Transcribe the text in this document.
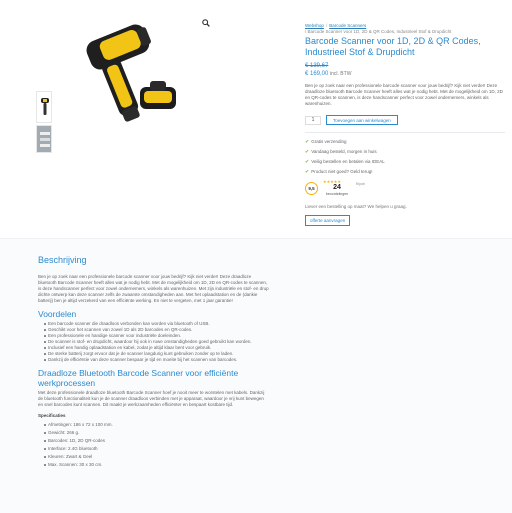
Webshop / Barcode Scanners
/ Barcode Scanner voor 1D, 2D & QR Codes, Industrieel Stof & Drupdicht
Barcode Scanner voor 1D, 2D & QR Codes, Industrieel Stof & Drupdicht
€ 139,67
€ 169,00 incl. BTW
Ben je op zoek naar een professionele barcode scanner voor jouw bedrijf? Kijk niet verder! Deze draadloze bluetooth Barcode Scanner heeft alles wat je nodig hebt. Met de mogelijkheid om 1D, 2D en QR-codes te scannen, is deze handscanner perfect voor zowel ondernemers, winkels als warenhuizen.
1	Toevoegen aan winkelwagen
✔ Gratis verzending
✔ Vandaag besteld, morgen in huis
✔ Veilig bestellen en betalen via IDEAL
✔ Product niet goed? Geld terug!
9,5
★★★★★
24
beoordelingen
Kiyoh
Liever een bestelling op maat? We helpen u graag.
offerte aanvragen
Beschrijving
Ben je op zoek naar een professionele barcode scanner voor jouw bedrijf? Kijk niet verder! Deze draadloze bluetooth Barcode Scanner heeft alles wat je nodig hebt. Met de mogelijkheid om 1D, 2D en QR-codes te scannen, is deze handscanner perfect voor zowel ondernemers, winkels als warenhuizen. Met zijn industriële en stof- en drup dichte ontwerp kan deze scanner zelfs de zwaarste omstandigheden aan. Met het oplaadstation en de (dankie batterij) ben je altijd verzekerd van een efficiënte werking. En niet te vergeten, met 1 jaar garantie!
Voordelen
Een barcode scanner die draadloos verbonden kan worden via bluetooth of USB.
Geschikt voor het scannen van zowel 1D als 2D barcodes en QR-codes.
Een professionele en handige scanner voor industriële doeleinden.
De scanner is stof- en drupdicht, waardoor hij ook in ruwe omstandigheden goed gebruikt kan worden.
Inclusief een handig oplaadstation en kabel, zodat je altijd klaar bent voor gebruik.
De sterke batterij zorgt ervoor dat je de scanner langdurig kunt gebruiken zonder op te laden.
Dankzij de efficiëntie van deze scanner bespaar je tijd en moeite bij het scannen van barcodes.
Draadloze Bluetooth Barcode Scanner voor efficiënte werkprocessen
Met deze professionele draadloze bluetooth Barcode Scanner hoef je nooit meer te worstelen met kabels. Dankzij de bluetooth functionaliteit kun je de scanner draadloos verbinden met je apparaat, waardoor je vrij kunt bewegen en snel barcodes kunt scannen. Dit maakt je werkzaamheden efficiënter en bespaart kostbare tijd.
Specificaties
Afmetingen: 186 x 72 x 100 mm.
Gewicht: 266 g.
Barcodes: 1D, 2D QR-codes
Interface: 2.4G bluetooth
Kleuren: Zwart & Geel
Max. Scannen: 30 x 30 cm.
